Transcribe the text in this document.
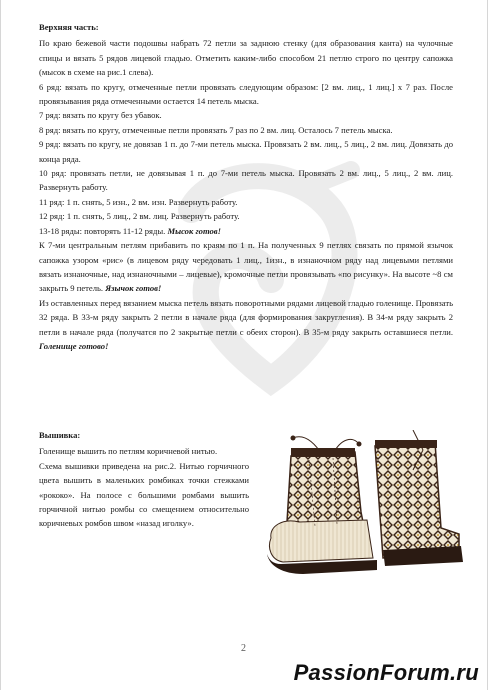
Верхняя часть:

По краю бежевой части подошвы набрать 72 петли за заднюю стенку (для образования канта) на чулочные спицы и вязать 5 рядов лицевой гладью. Отметить каким-либо способом 21 петлю строго по центру сапожка (мысок в схеме на рис.1 слева).

6 ряд: вязать по кругу, отмеченные петли провязать следующим образом: [2 вм. лиц., 1 лиц.] х 7 раз. После провязывания ряда отмеченными остается 14 петель мыска.

7 ряд: вязать по кругу без убавок.

8 ряд: вязать по кругу, отмеченные петли провязать 7 раз по 2 вм. лиц. Осталось 7 петель мыска.

9 ряд: вязать по кругу, не довязав 1 п. до 7-ми петель мыска. Провязать 2 вм. лиц., 5 лиц., 2 вм. лиц. Довязать до конца ряда.

10 ряд: провязать петли, не довязывая 1 п. до 7-ми петель мыска. Провязать 2 вм. лиц., 5 лиц., 2 вм. лиц. Развернуть работу.

11 ряд: 1 п. снять, 5 изн., 2 вм. изн. Развернуть работу.

12 ряд: 1 п. снять, 5 лиц., 2 вм. лиц. Развернуть работу.

13-18 ряды: повторять 11-12 ряды. Мысок готов!

К 7-ми центральным петлям прибавить по краям по 1 п. На полученных 9 петлях связать по прямой язычок сапожка узором «рис» (в лицевом ряду чередовать 1 лиц., 1изн., в изнаночном ряду над лицевыми петлями вязать изнаночные, над изнаночными – лицевые), кромочные петли провязывать «по рисунку». На высоте ~8 см закрыть 9 петель. Язычок готов!

Из оставленных перед вязанием мыска петель вязать поворотными рядами лицевой гладью голенище. Провязать 32 ряда. В 33-м ряду закрыть 2 петли в начале ряда (для формирования закругления). В 34-м ряду закрыть 2 петли в начале ряда (получатся по 2 закрытые петли с обеих сторон). В 35-м ряду закрыть оставшиеся петли. Голенище готово!

Вышивка:

Голенище вышить по петлям коричневой нитью.

Схема вышивки приведена на рис.2. Нитью горчичного цвета вышить в маленьких ромбиках точки стежками «рококо». На полосе с большими ромбами вышить горчичной нитью ромбы со смещением относительно коричневых ромбов швом «назад иголку».

2
PassionForum.ru
